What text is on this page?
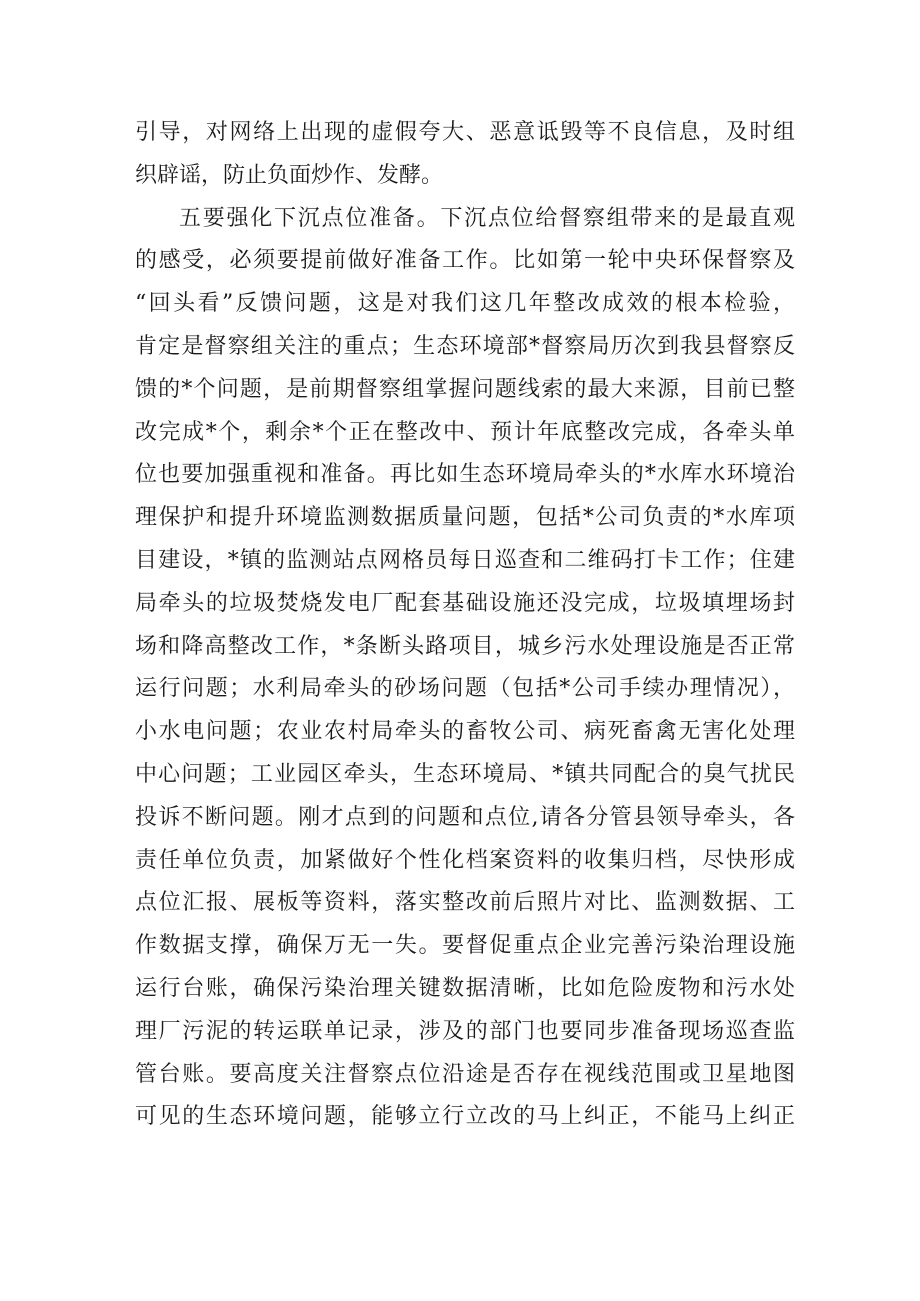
引导，对网络上出现的虚假夸大、恶意诋毁等不良信息，及时组
织辟谣，防止负面炒作、发酵。
五要强化下沉点位准备。下沉点位给督察组带来的是最直观
的感受，必须要提前做好准备工作。比如第一轮中央环保督察及
“回头看”反馈问题，这是对我们这几年整改成效的根本检验，
肯定是督察组关注的重点；生态环境部*督察局历次到我县督察反
馈的*个问题，是前期督察组掌握问题线索的最大来源，目前已整
改完成*个，剩余*个正在整改中、预计年底整改完成，各牵头单
位也要加强重视和准备。再比如生态环境局牵头的*水库水环境治
理保护和提升环境监测数据质量问题，包括*公司负责的*水库项
目建设，*镇的监测站点网格员每日巡查和二维码打卡工作；住建
局牵头的垃圾焚烧发电厂配套基础设施还没完成，垃圾填埋场封
场和降高整改工作，*条断头路项目，城乡污水处理设施是否正常
运行问题；水利局牵头的砂场问题（包括*公司手续办理情况），
小水电问题；农业农村局牵头的畜牧公司、病死畜禽无害化处理
中心问题；工业园区牵头，生态环境局、*镇共同配合的臭气扰民
投诉不断问题。刚才点到的问题和点位,请各分管县领导牵头，各
责任单位负责，加紧做好个性化档案资料的收集归档，尽快形成
点位汇报、展板等资料，落实整改前后照片对比、监测数据、工
作数据支撑，确保万无一失。要督促重点企业完善污染治理设施
运行台账，确保污染治理关键数据清晰，比如危险废物和污水处
理厂污泥的转运联单记录，涉及的部门也要同步准备现场巡查监
管台账。要高度关注督察点位沿途是否存在视线范围或卫星地图
可见的生态环境问题，能够立行立改的马上纠正，不能马上纠正
